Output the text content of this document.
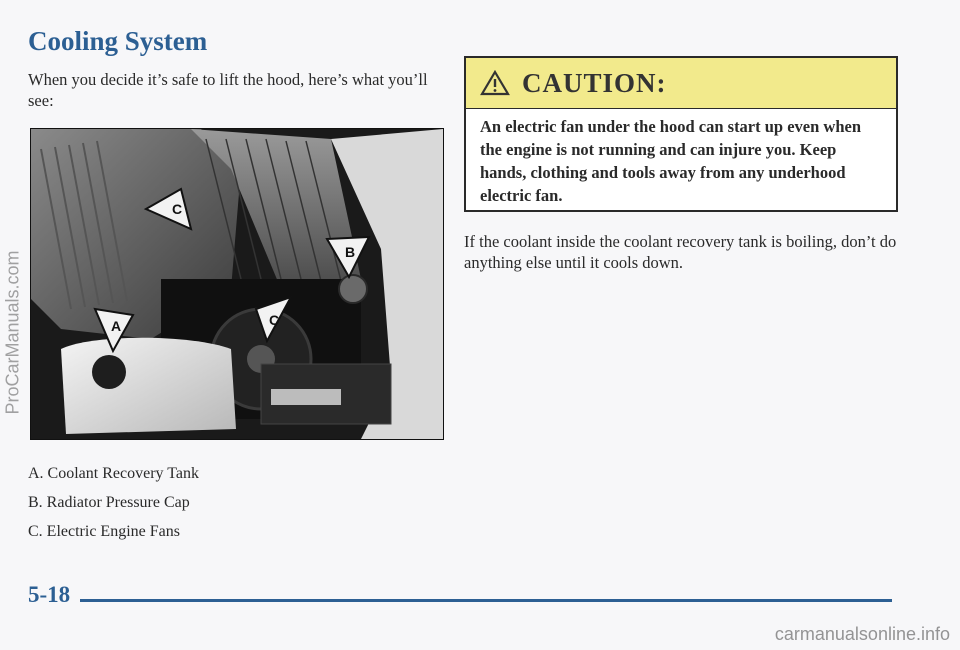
Cooling System

When you decide it’s safe to lift the hood, here’s what you’ll see:

C
B
A	C
A. Coolant Recovery Tank
B. Radiator Pressure Cap
C. Electric Engine Fans
CAUTION:
An electric fan under the hood can start up even when the engine is not running and can injure you. Keep hands, clothing and tools away from any underhood electric fan.

If the coolant inside the coolant recovery tank is boiling, don’t do anything else until it cools down.

5-18
ProCarManuals.com
carmanualsonline.info
